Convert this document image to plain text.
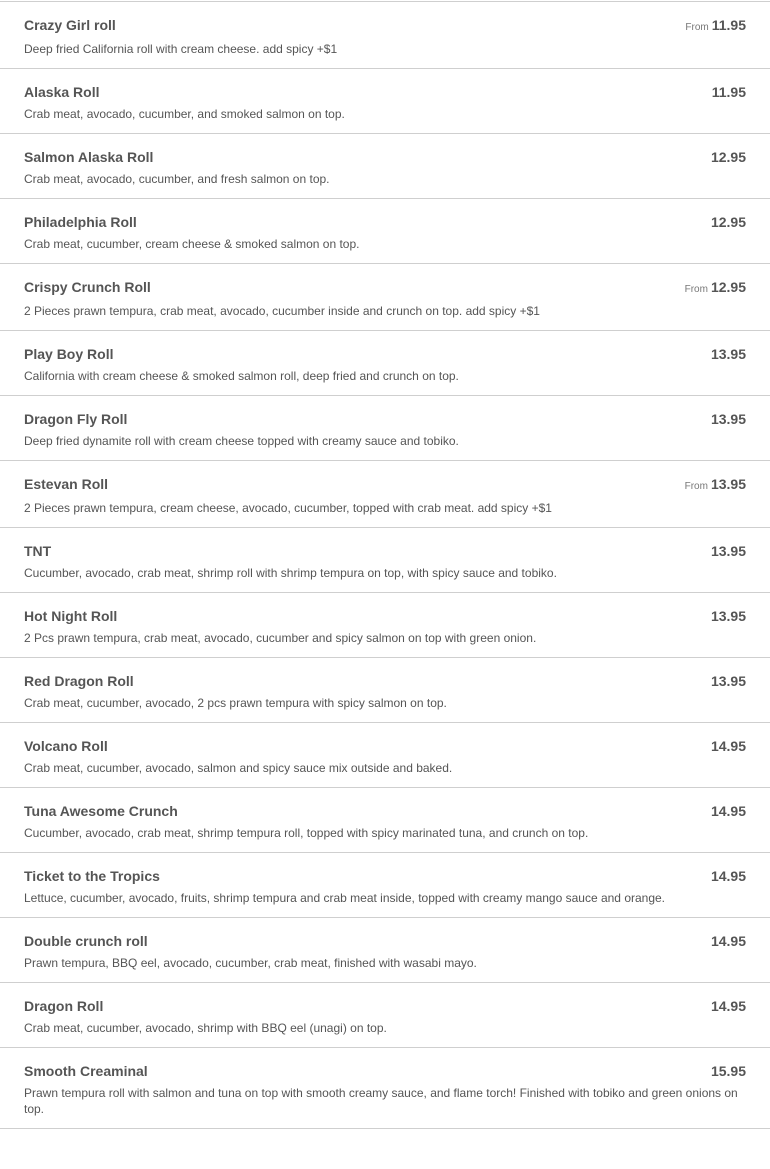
Crazy Girl roll	From 11.95
Deep fried California roll with cream cheese. add spicy +$1
Alaska Roll	11.95
Crab meat, avocado, cucumber, and smoked salmon on top.
Salmon Alaska Roll	12.95
Crab meat, avocado, cucumber, and fresh salmon on top.
Philadelphia Roll	12.95
Crab meat, cucumber, cream cheese & smoked salmon on top.
Crispy Crunch Roll	From 12.95
2 Pieces prawn tempura, crab meat, avocado, cucumber inside and crunch on top. add spicy +$1
Play Boy Roll	13.95
California with cream cheese & smoked salmon roll, deep fried and crunch on top.
Dragon Fly Roll	13.95
Deep fried dynamite roll with cream cheese topped with creamy sauce and tobiko.
Estevan Roll	From 13.95
2 Pieces prawn tempura, cream cheese, avocado, cucumber, topped with crab meat. add spicy +$1
TNT	13.95
Cucumber, avocado, crab meat, shrimp roll with shrimp tempura on top, with spicy sauce and tobiko.
Hot Night Roll	13.95
2 Pcs prawn tempura, crab meat, avocado, cucumber and spicy salmon on top with green onion.
Red Dragon Roll	13.95
Crab meat, cucumber, avocado, 2 pcs prawn tempura with spicy salmon on top.
Volcano Roll	14.95
Crab meat, cucumber, avocado, salmon and spicy sauce mix outside and baked.
Tuna Awesome Crunch	14.95
Cucumber, avocado, crab meat, shrimp tempura roll, topped with spicy marinated tuna, and crunch on top.
Ticket to the Tropics	14.95
Lettuce, cucumber, avocado, fruits, shrimp tempura and crab meat inside, topped with creamy mango sauce and orange.
Double crunch roll	14.95
Prawn tempura, BBQ eel, avocado, cucumber, crab meat, finished with wasabi mayo.
Dragon Roll	14.95
Crab meat, cucumber, avocado, shrimp with BBQ eel (unagi) on top.
Smooth Creaminal	15.95
Prawn tempura roll with salmon and tuna on top with smooth creamy sauce, and flame torch! Finished with tobiko and green onions on top.
